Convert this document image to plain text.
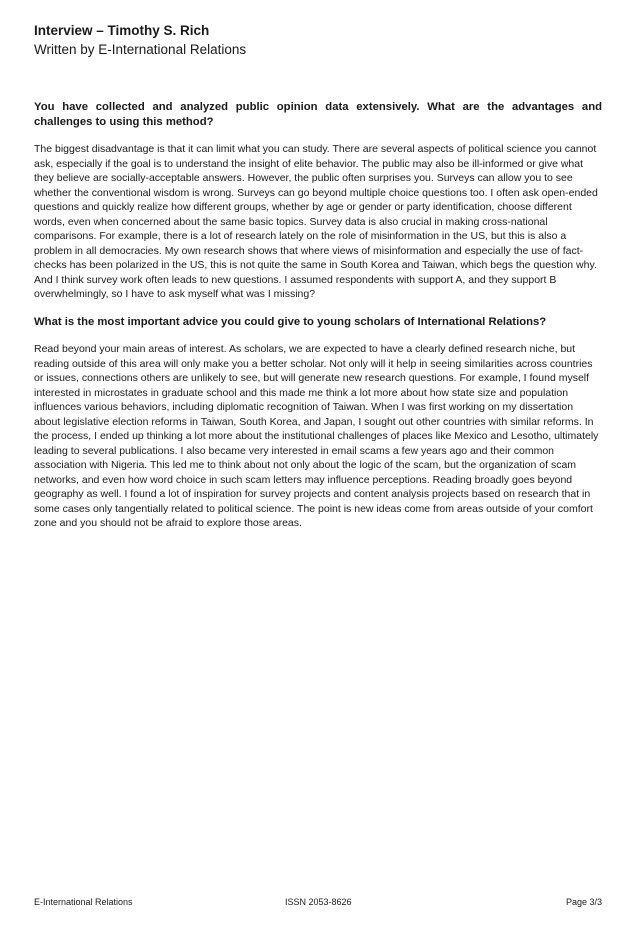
Interview – Timothy S. Rich
Written by E-International Relations

You have collected and analyzed public opinion data extensively. What are the advantages and challenges to using this method?

The biggest disadvantage is that it can limit what you can study. There are several aspects of political science you cannot ask, especially if the goal is to understand the insight of elite behavior. The public may also be ill-informed or give what they believe are socially-acceptable answers. However, the public often surprises you. Surveys can allow you to see whether the conventional wisdom is wrong. Surveys can go beyond multiple choice questions too. I often ask open-ended questions and quickly realize how different groups, whether by age or gender or party identification, choose different words, even when concerned about the same basic topics. Survey data is also crucial in making cross-national comparisons. For example, there is a lot of research lately on the role of misinformation in the US, but this is also a problem in all democracies. My own research shows that where views of misinformation and especially the use of fact-checks has been polarized in the US, this is not quite the same in South Korea and Taiwan, which begs the question why. And I think survey work often leads to new questions. I assumed respondents with support A, and they support B overwhelmingly, so I have to ask myself what was I missing?

What is the most important advice you could give to young scholars of International Relations?

Read beyond your main areas of interest. As scholars, we are expected to have a clearly defined research niche, but reading outside of this area will only make you a better scholar. Not only will it help in seeing similarities across countries or issues, connections others are unlikely to see, but will generate new research questions. For example, I found myself interested in microstates in graduate school and this made me think a lot more about how state size and population influences various behaviors, including diplomatic recognition of Taiwan. When I was first working on my dissertation about legislative election reforms in Taiwan, South Korea, and Japan, I sought out other countries with similar reforms. In the process, I ended up thinking a lot more about the institutional challenges of places like Mexico and Lesotho, ultimately leading to several publications. I also became very interested in email scams a few years ago and their common association with Nigeria. This led me to think about not only about the logic of the scam, but the organization of scam networks, and even how word choice in such scam letters may influence perceptions. Reading broadly goes beyond geography as well. I found a lot of inspiration for survey projects and content analysis projects based on research that in some cases only tangentially related to political science. The point is new ideas come from areas outside of your comfort zone and you should not be afraid to explore those areas.

E-International Relations	ISSN 2053-8626	Page 3/3
